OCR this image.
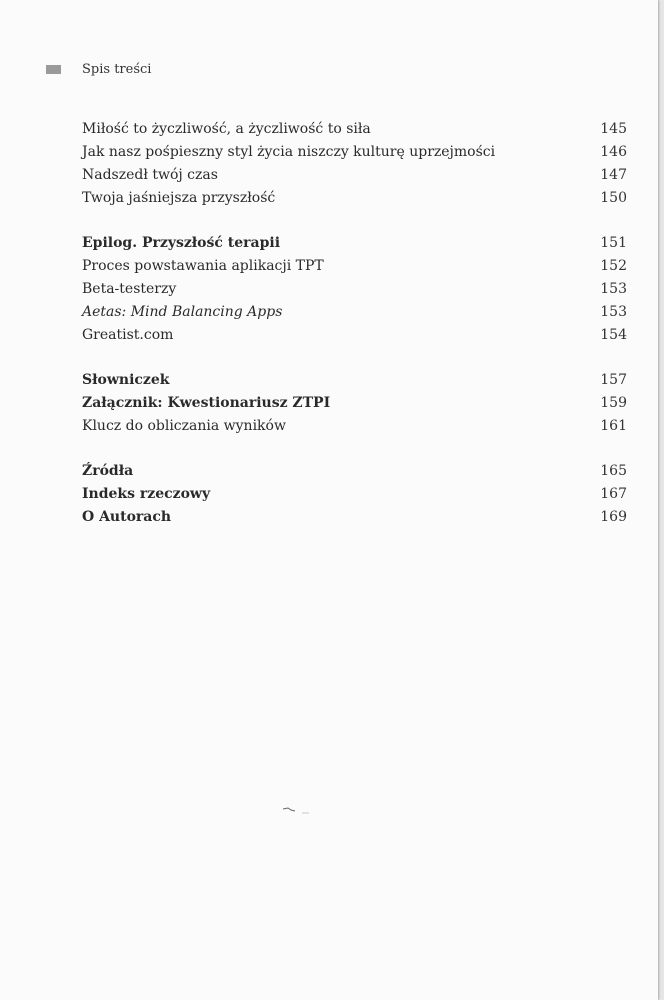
Spis treści
Miłość to życzliwość, a życzliwość to siła	145
Jak nasz pośpieszny styl życia niszczy kulturę uprzejmości	146
Nadszedł twój czas	147
Twoja jaśniejsza przyszłość	150
Epilog. Przyszłość terapii	151
Proces powstawania aplikacji TPT	152
Beta-testerzy	153
Aetas: Mind Balancing Apps	153
Greatist.com	154
Słowniczek	157
Załącznik: Kwestionariusz ZTPI	159
Klucz do obliczania wyników	161
Źródła	165
Indeks rzeczowy	167
O Autorach	169
